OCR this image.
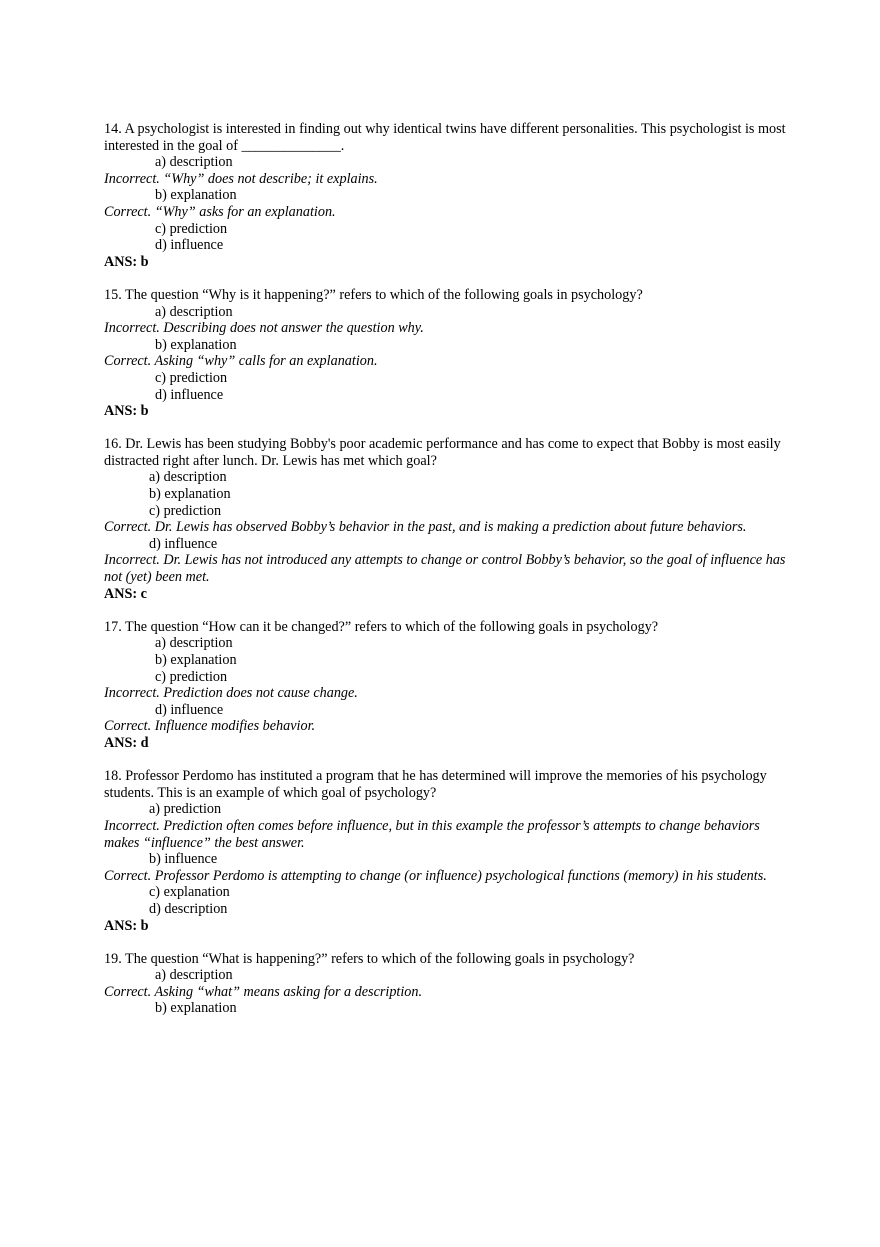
14. A psychologist is interested in finding out why identical twins have different personalities. This psychologist is most interested in the goal of ______________.
a) description
Incorrect. “Why” does not describe; it explains.
b) explanation
Correct. “Why” asks for an explanation.
c) prediction
d) influence
ANS: b
15. The question “Why is it happening?” refers to which of the following goals in psychology?
a) description
Incorrect. Describing does not answer the question why.
b) explanation
Correct. Asking “why” calls for an explanation.
c) prediction
d) influence
ANS: b
16. Dr. Lewis has been studying Bobby's poor academic performance and has come to expect that Bobby is most easily distracted right after lunch. Dr. Lewis has met which goal?
a) description
b) explanation
c) prediction
Correct. Dr. Lewis has observed Bobby’s behavior in the past, and is making a prediction about future behaviors.
d) influence
Incorrect. Dr. Lewis has not introduced any attempts to change or control Bobby’s behavior, so the goal of influence has not (yet) been met.
ANS: c
17. The question “How can it be changed?” refers to which of the following goals in psychology?
a) description
b) explanation
c) prediction
Incorrect. Prediction does not cause change.
d) influence
Correct. Influence modifies behavior.
ANS: d
18. Professor Perdomo has instituted a program that he has determined will improve the memories of his psychology students. This is an example of which goal of psychology?
a) prediction
Incorrect. Prediction often comes before influence, but in this example the professor’s attempts to change behaviors makes “influence” the best answer.
b) influence
Correct. Professor Perdomo is attempting to change (or influence) psychological functions (memory) in his students.
c) explanation
d) description
ANS: b
19. The question “What is happening?” refers to which of the following goals in psychology?
a) description
Correct. Asking “what” means asking for a description.
b) explanation
